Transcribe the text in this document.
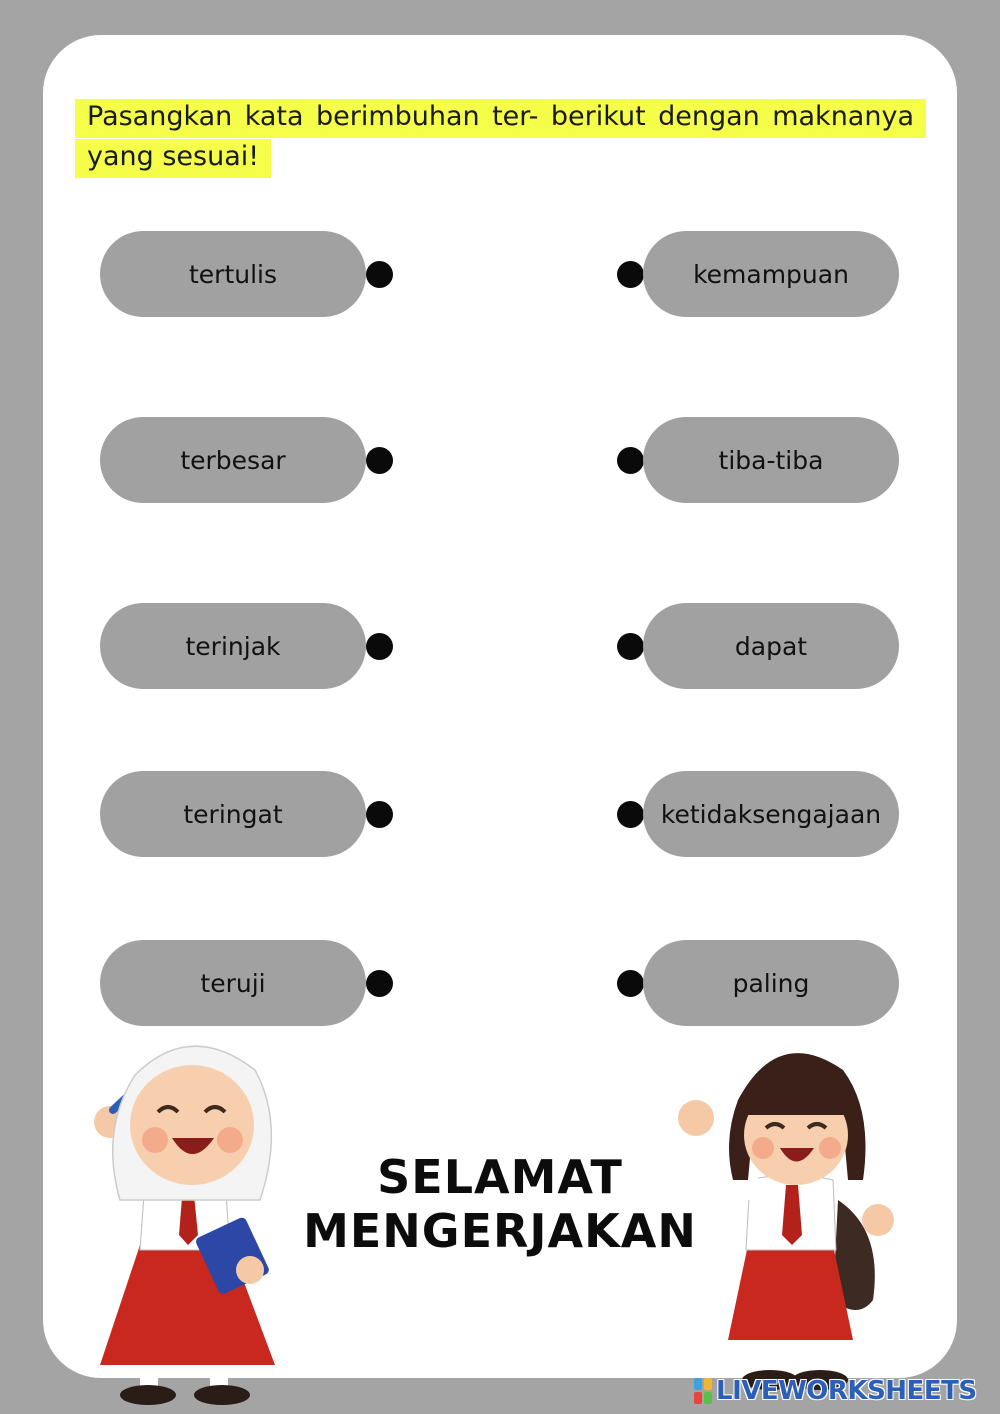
Pasangkan kata berimbuhan ter- berikut dengan maknanya yang sesuai!
tertulis
terbesar
terinjak
teringat
teruji
kemampuan
tiba-tiba
dapat
ketidaksengajaan
paling
SELAMAT
MENGERJAKAN
LIVEWORKSHEETS
